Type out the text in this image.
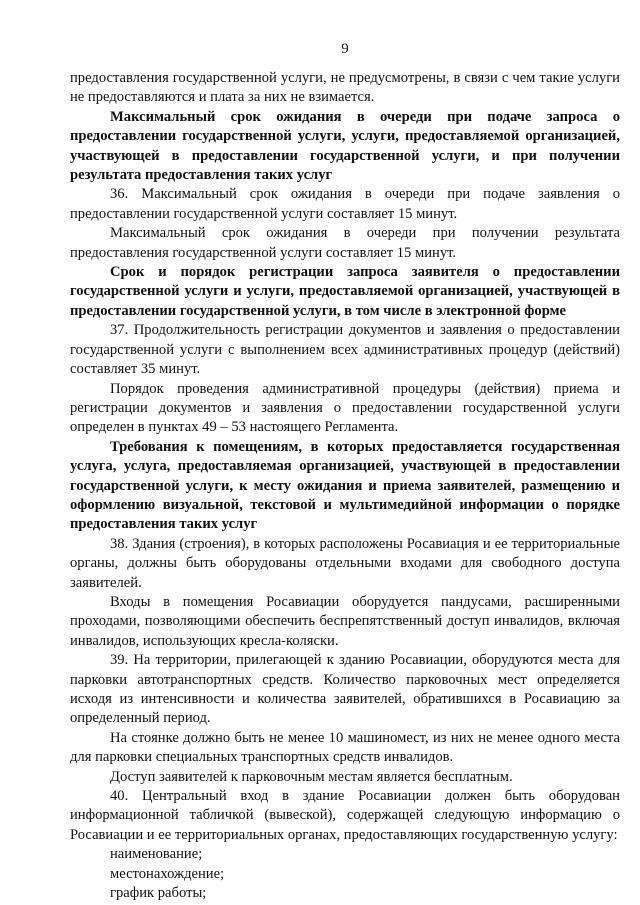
9

предоставления государственной услуги, не предусмотрены, в связи с чем такие услуги не предоставляются и плата за них не взимается.

Максимальный срок ожидания в очереди при подаче запроса о предоставлении государственной услуги, услуги, предоставляемой организацией, участвующей в предоставлении государственной услуги, и при получении результата предоставления таких услуг

36. Максимальный срок ожидания в очереди при подаче заявления о предоставлении государственной услуги составляет 15 минут.

Максимальный срок ожидания в очереди при получении результата предоставления государственной услуги составляет 15 минут.

Срок и порядок регистрации запроса заявителя о предоставлении государственной услуги и услуги, предоставляемой организацией, участвующей в предоставлении государственной услуги, в том числе в электронной форме

37. Продолжительность регистрации документов и заявления о предоставлении государственной услуги с выполнением всех административных процедур (действий) составляет 35 минут.

Порядок проведения административной процедуры (действия) приема и регистрации документов и заявления о предоставлении государственной услуги определен в пунктах 49 – 53 настоящего Регламента.

Требования к помещениям, в которых предоставляется государственная услуга, услуга, предоставляемая организацией, участвующей в предоставлении государственной услуги, к месту ожидания и приема заявителей, размещению и оформлению визуальной, текстовой и мультимедийной информации о порядке предоставления таких услуг

38. Здания (строения), в которых расположены Росавиация и ее территориальные органы, должны быть оборудованы отдельными входами для свободного доступа заявителей.

Входы в помещения Росавиации оборудуется пандусами, расширенными проходами, позволяющими обеспечить беспрепятственный доступ инвалидов, включая инвалидов, использующих кресла-коляски.

39. На территории, прилегающей к зданию Росавиации, оборудуются места для парковки автотранспортных средств. Количество парковочных мест определяется исходя из интенсивности и количества заявителей, обратившихся в Росавиацию за определенный период.

На стоянке должно быть не менее 10 машиномест, из них не менее одного места для парковки специальных транспортных средств инвалидов.

Доступ заявителей к парковочным местам является бесплатным.

40. Центральный вход в здание Росавиации должен быть оборудован информационной табличкой (вывеской), содержащей следующую информацию о Росавиации и ее территориальных органах, предоставляющих государственную услугу:

наименование;

местонахождение;

график работы;
